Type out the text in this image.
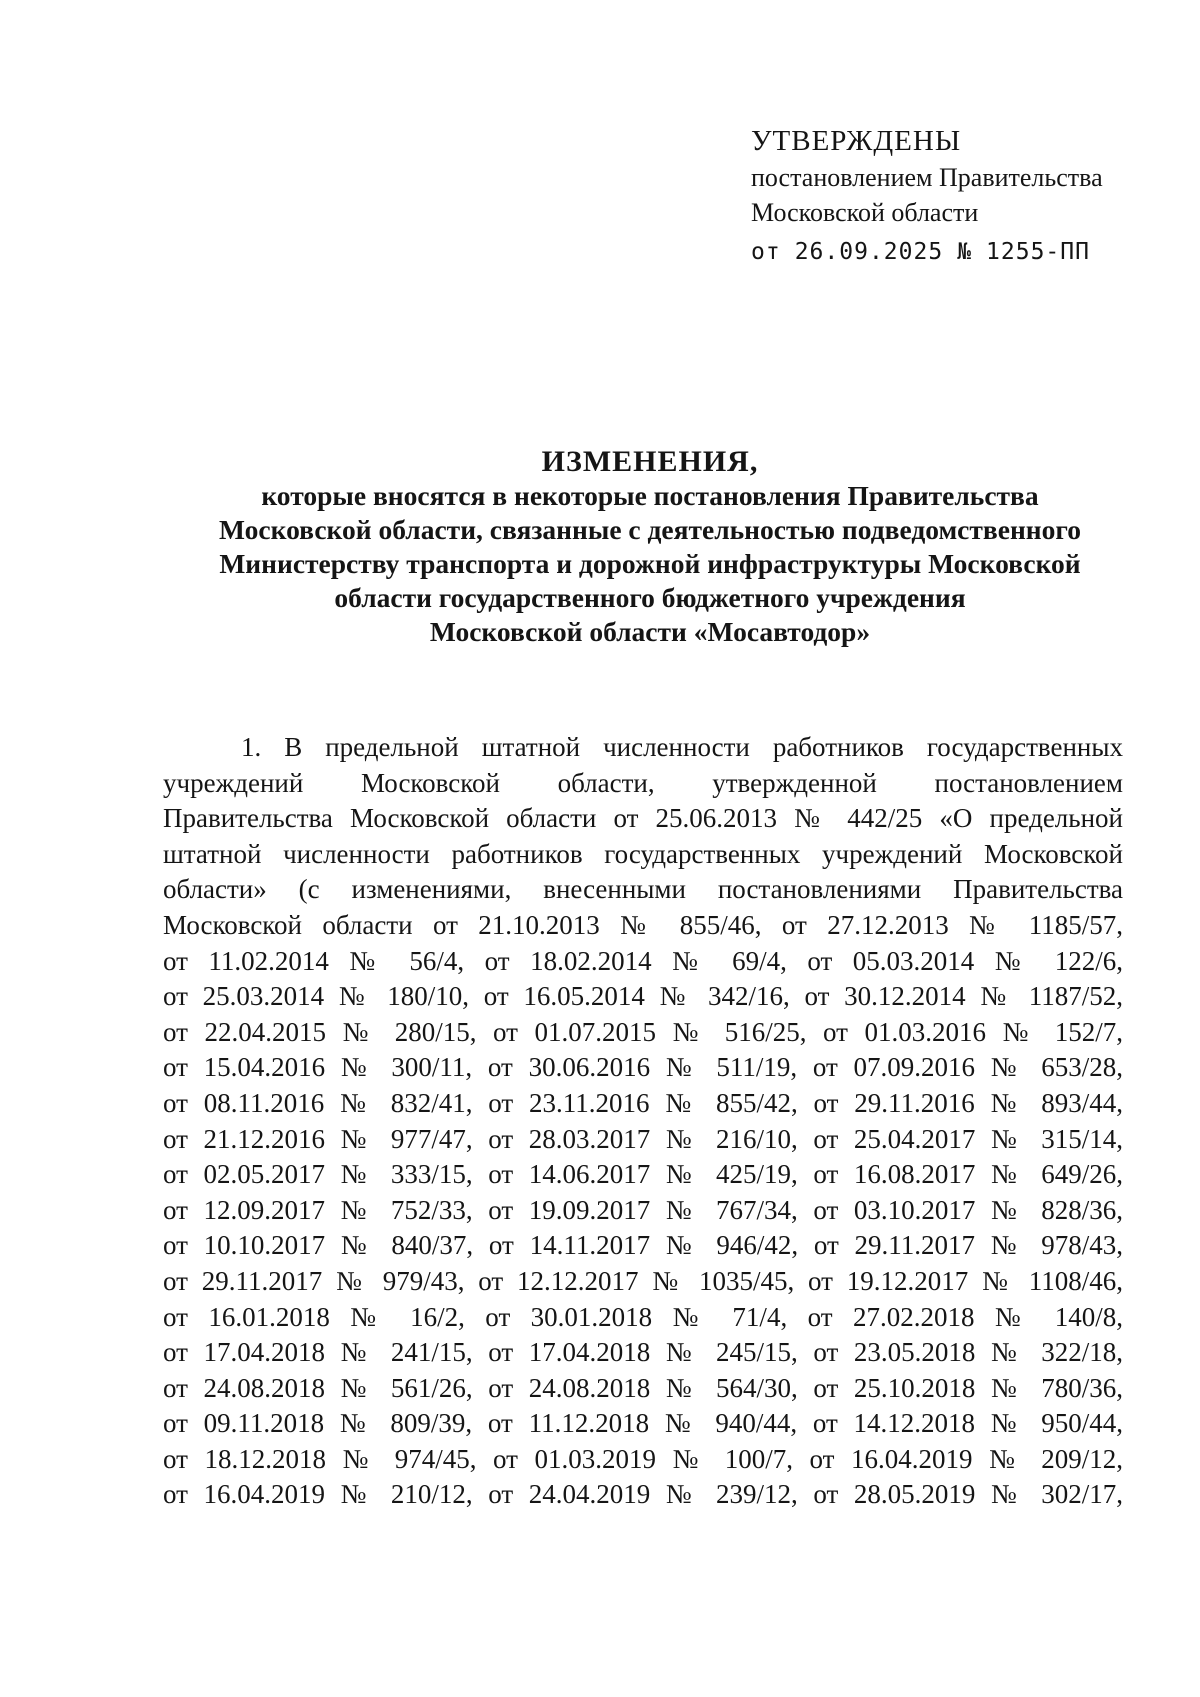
УТВЕРЖДЕНЫ
постановлением Правительства
Московской области
от 26.09.2025 № 1255-ПП
ИЗМЕНЕНИЯ,
которые вносятся в некоторые постановления Правительства
Московской области, связанные с деятельностью подведомственного
Министерству транспорта и дорожной инфраструктуры Московской
области государственного бюджетного учреждения
Московской области «Мосавтодор»
1. В предельной штатной численности работников государственных
учреждений Московской области, утвержденной постановлением
Правительства Московской области от 25.06.2013 № 442/25 «О предельной
штатной численности работников государственных учреждений Московской
области» (с изменениями, внесенными постановлениями Правительства
Московской области от 21.10.2013 № 855/46, от 27.12.2013 № 1185/57,
от 11.02.2014 № 56/4, от 18.02.2014 № 69/4, от 05.03.2014 № 122/6,
от 25.03.2014 № 180/10, от 16.05.2014 № 342/16, от 30.12.2014 № 1187/52,
от 22.04.2015 № 280/15, от 01.07.2015 № 516/25, от 01.03.2016 № 152/7,
от 15.04.2016 № 300/11, от 30.06.2016 № 511/19, от 07.09.2016 № 653/28,
от 08.11.2016 № 832/41, от 23.11.2016 № 855/42, от 29.11.2016 № 893/44,
от 21.12.2016 № 977/47, от 28.03.2017 № 216/10, от 25.04.2017 № 315/14,
от 02.05.2017 № 333/15, от 14.06.2017 № 425/19, от 16.08.2017 № 649/26,
от 12.09.2017 № 752/33, от 19.09.2017 № 767/34, от 03.10.2017 № 828/36,
от 10.10.2017 № 840/37, от 14.11.2017 № 946/42, от 29.11.2017 № 978/43,
от 29.11.2017 № 979/43, от 12.12.2017 № 1035/45, от 19.12.2017 № 1108/46,
от 16.01.2018 № 16/2, от 30.01.2018 № 71/4, от 27.02.2018 № 140/8,
от 17.04.2018 № 241/15, от 17.04.2018 № 245/15, от 23.05.2018 № 322/18,
от 24.08.2018 № 561/26, от 24.08.2018 № 564/30, от 25.10.2018 № 780/36,
от 09.11.2018 № 809/39, от 11.12.2018 № 940/44, от 14.12.2018 № 950/44,
от 18.12.2018 № 974/45, от 01.03.2019 № 100/7, от 16.04.2019 № 209/12,
от 16.04.2019 № 210/12, от 24.04.2019 № 239/12, от 28.05.2019 № 302/17,
